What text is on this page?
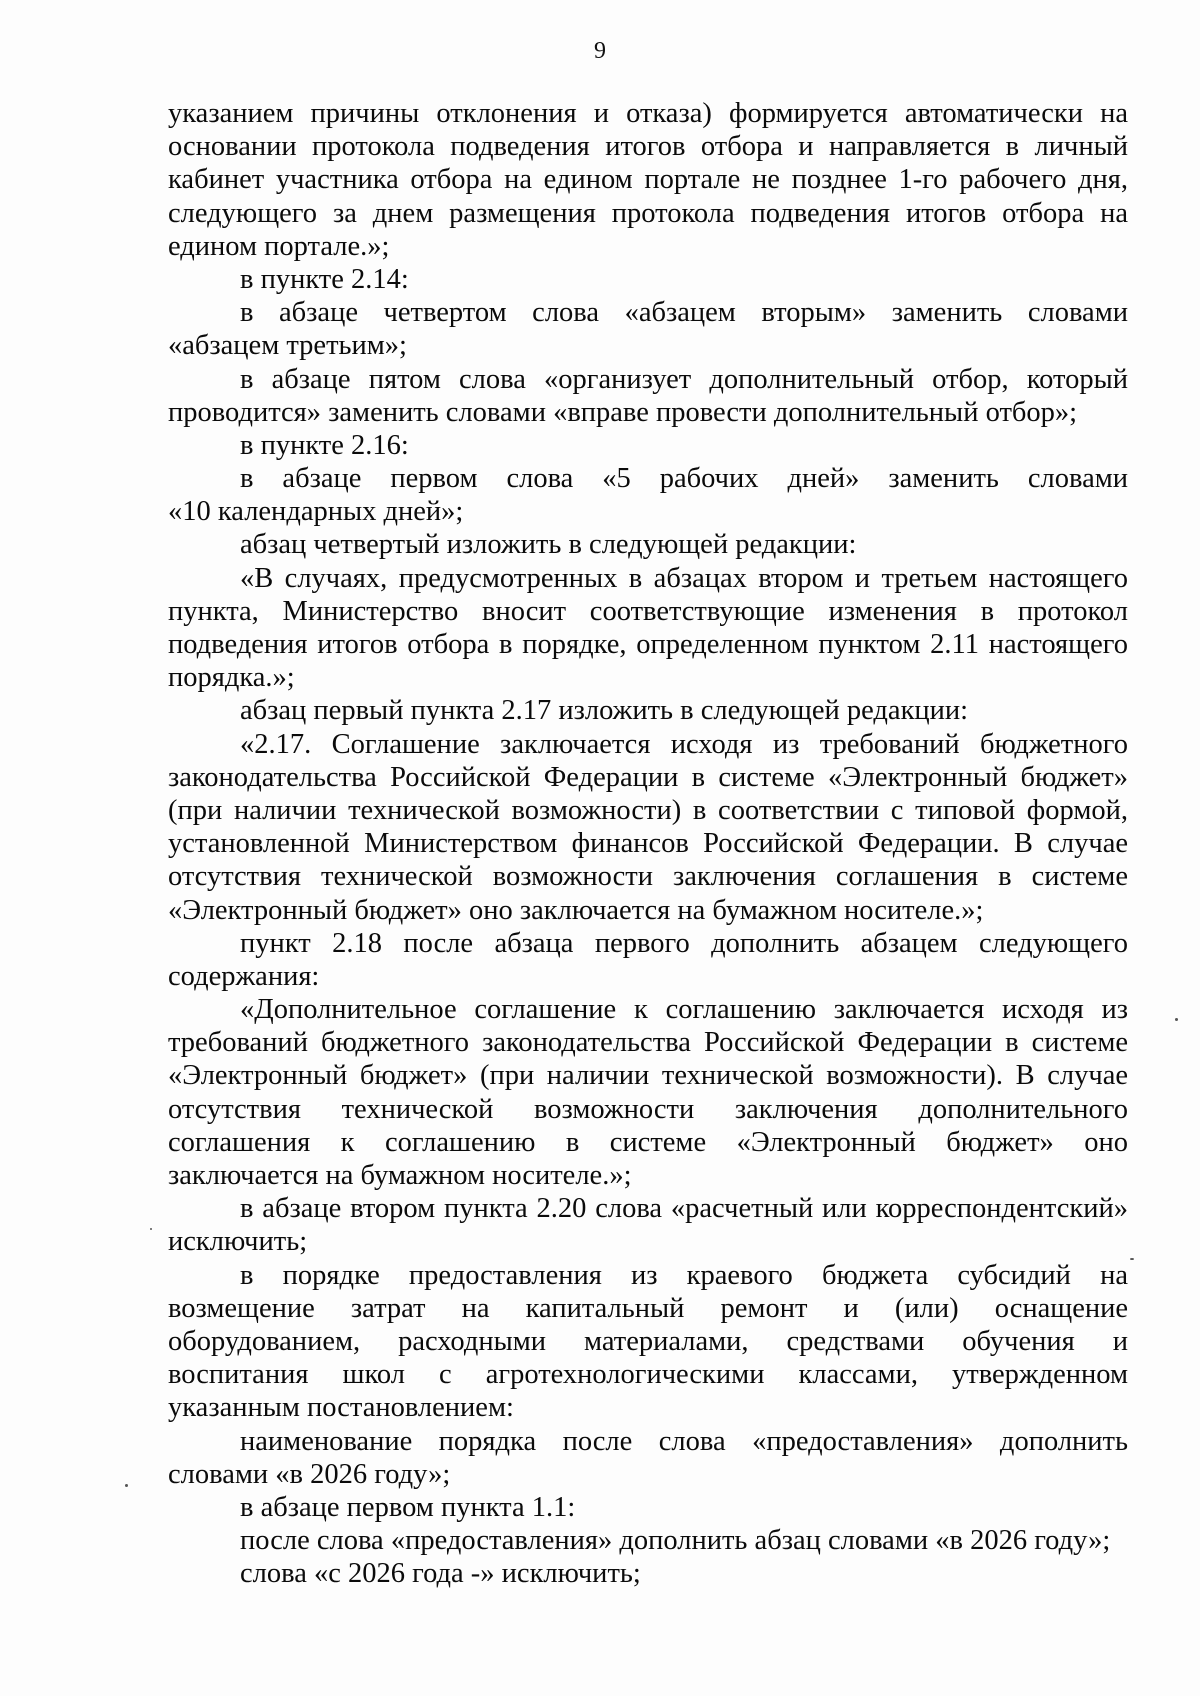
9
указанием причины отклонения и отказа) формируется автоматически на
основании протокола подведения итогов отбора и направляется в личный
кабинет участника отбора на едином портале не позднее 1-го рабочего дня,
следующего за днем размещения протокола подведения итогов отбора на
едином портале.»;
в пункте 2.14:
в абзаце четвертом слова «абзацем вторым» заменить словами
«абзацем третьим»;
в абзаце пятом слова «организует дополнительный отбор, который
проводится» заменить словами «вправе провести дополнительный отбор»;
в пункте 2.16:
в абзаце первом слова «5 рабочих дней» заменить словами
«10 календарных дней»;
абзац четвертый изложить в следующей редакции:
«В случаях, предусмотренных в абзацах втором и третьем настоящего
пункта, Министерство вносит соответствующие изменения в протокол
подведения итогов отбора в порядке, определенном пунктом 2.11 настоящего
порядка.»;
абзац первый пункта 2.17 изложить в следующей редакции:
«2.17. Соглашение заключается исходя из требований бюджетного
законодательства Российской Федерации в системе «Электронный бюджет»
(при наличии технической возможности) в соответствии с типовой формой,
установленной Министерством финансов Российской Федерации. В случае
отсутствия технической возможности заключения соглашения в системе
«Электронный бюджет» оно заключается на бумажном носителе.»;
пункт 2.18 после абзаца первого дополнить абзацем следующего
содержания:
«Дополнительное соглашение к соглашению заключается исходя из
требований бюджетного законодательства Российской Федерации в системе
«Электронный бюджет» (при наличии технической возможности). В случае
отсутствия технической возможности заключения дополнительного
соглашения к соглашению в системе «Электронный бюджет» оно
заключается на бумажном носителе.»;
в абзаце втором пункта 2.20 слова «расчетный или корреспондентский»
исключить;
в порядке предоставления из краевого бюджета субсидий на
возмещение затрат на капитальный ремонт и (или) оснащение
оборудованием, расходными материалами, средствами обучения и
воспитания школ с агротехнологическими классами, утвержденном
указанным постановлением:
наименование порядка после слова «предоставления» дополнить
словами «в 2026 году»;
в абзаце первом пункта 1.1:
после слова «предоставления» дополнить абзац словами «в 2026 году»;
слова «с 2026 года -» исключить;
